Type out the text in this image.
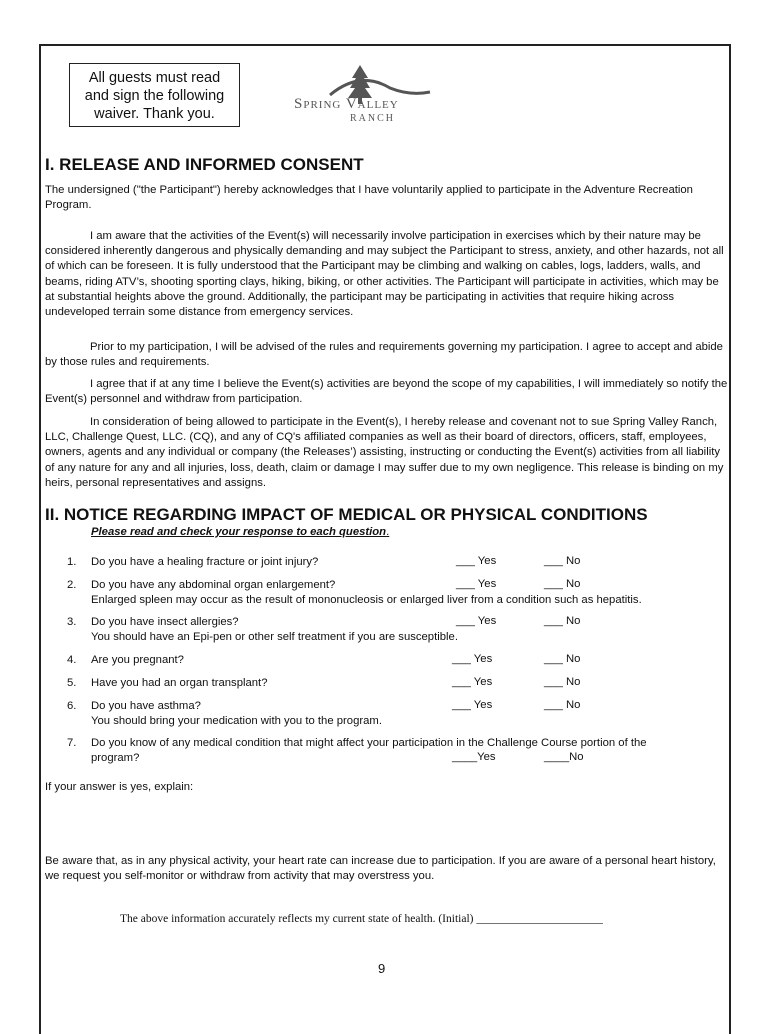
All guests must read
and sign the following
waiver. Thank you.
Spring Valley
RANCH
I. RELEASE AND INFORMED CONSENT
The undersigned ("the Participant") hereby acknowledges that I have voluntarily applied to participate in the Adventure Recreation Program.
I am aware that the activities of the Event(s) will necessarily involve participation in exercises which by their nature may be considered inherently dangerous and physically demanding and may subject the Participant to stress, anxiety, and other hazards, not all of which can be foreseen. It is fully understood that the Participant may be climbing and walking on cables, logs, ladders, walls, and beams, riding ATV’s, shooting sporting clays, hiking, biking, or other activities. The Participant will participate in activities, which may be at substantial heights above the ground. Additionally, the participant may be participating in activities that require hiking across undeveloped terrain some distance from emergency services.
Prior to my participation, I will be advised of the rules and requirements governing my participation. I agree to accept and abide by those rules and requirements.
I agree that if at any time I believe the Event(s) activities are beyond the scope of my capabilities, I will immediately so notify the Event(s) personnel and withdraw from participation.
In consideration of being allowed to participate in the Event(s), I hereby release and covenant not to sue Spring Valley Ranch, LLC, Challenge Quest, LLC. (CQ), and any of CQ's affiliated companies as well as their board of directors, officers, staff, employees, owners, agents and any individual or company (the Releases’) assisting, instructing or conducting the Event(s) activities from all liability of any nature for any and all injuries, loss, death, claim or damage I may suffer due to my own negligence. This release is binding on my heirs, personal representatives and assigns.
II. NOTICE REGARDING IMPACT OF MEDICAL OR PHYSICAL CONDITIONS
Please read and check your response to each question.
1. Do you have a healing fracture or joint injury?	___ Yes	___ No
2. Do you have any abdominal organ enlargement?
Enlarged spleen may occur as the result of mononucleosis or enlarged liver from a condition such as hepatitis.
___ Yes	___ No
3. Do you have insect allergies?
You should have an Epi-pen or other self treatment if you are susceptible.
___ Yes	___ No
4. Are you pregnant?	___ Yes	___ No
5. Have you had an organ transplant?	___ Yes	___ No
6. Do you have asthma?
You should bring your medication with you to the program.
___ Yes	___ No
7. Do you know of any medical condition that might affect your participation in the Challenge Course portion of the
program?	____Yes	____No
If your answer is yes, explain:
Be aware that, as in any physical activity, your heart rate can increase due to participation. If you are aware of a personal heart history, we request you self-monitor or withdraw from activity that may overstress you.
The above information accurately reflects my current state of health. (Initial) ______________________
9
